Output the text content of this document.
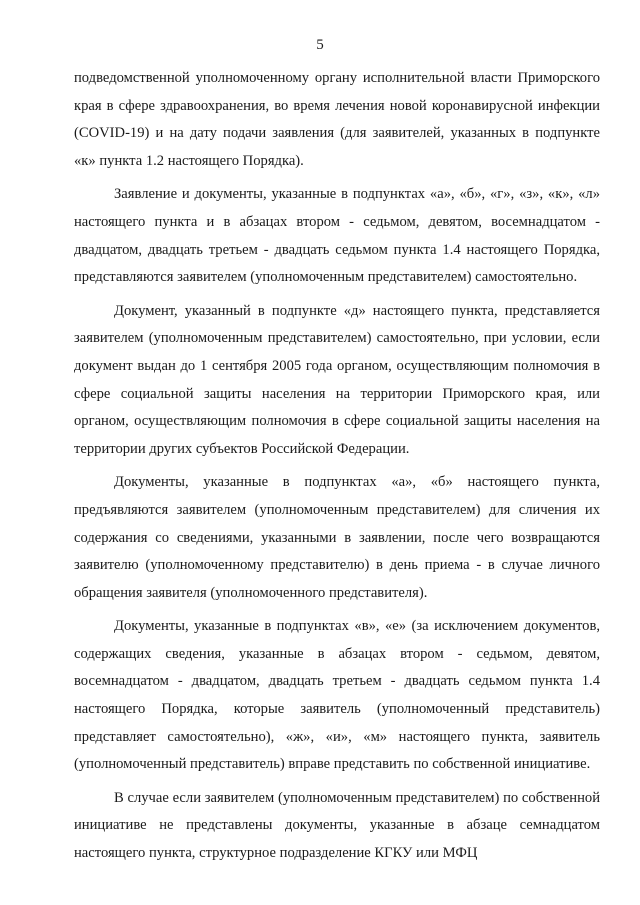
5

подведомственной уполномоченному органу исполнительной власти Приморского края в сфере здравоохранения, во время лечения новой коронавирусной инфекции (COVID-19) и на дату подачи заявления (для заявителей, указанных в подпункте «к» пункта 1.2 настоящего Порядка).

Заявление и документы, указанные в подпунктах «а», «б», «г», «з», «к», «л» настоящего пункта и в абзацах втором - седьмом, девятом, восемнадцатом - двадцатом, двадцать третьем - двадцать седьмом пункта 1.4 настоящего Порядка, представляются заявителем (уполномоченным представителем) самостоятельно.

Документ, указанный в подпункте «д» настоящего пункта, представляется заявителем (уполномоченным представителем) самостоятельно, при условии, если документ выдан до 1 сентября 2005 года органом, осуществляющим полномочия в сфере социальной защиты населения на территории Приморского края, или органом, осуществляющим полномочия в сфере социальной защиты населения на территории других субъектов Российской Федерации.

Документы, указанные в подпунктах «а», «б» настоящего пункта, предъявляются заявителем (уполномоченным представителем) для сличения их содержания со сведениями, указанными в заявлении, после чего возвращаются заявителю (уполномоченному представителю) в день приема - в случае личного обращения заявителя (уполномоченного представителя).

Документы, указанные в подпунктах «в», «е» (за исключением документов, содержащих сведения, указанные в абзацах втором - седьмом, девятом, восемнадцатом - двадцатом, двадцать третьем - двадцать седьмом пункта 1.4 настоящего Порядка, которые заявитель (уполномоченный представитель) представляет самостоятельно), «ж», «и», «м» настоящего пункта, заявитель (уполномоченный представитель) вправе представить по собственной инициативе.

В случае если заявителем (уполномоченным представителем) по собственной инициативе не представлены документы, указанные в абзаце семнадцатом настоящего пункта, структурное подразделение КГКУ или МФЦ
